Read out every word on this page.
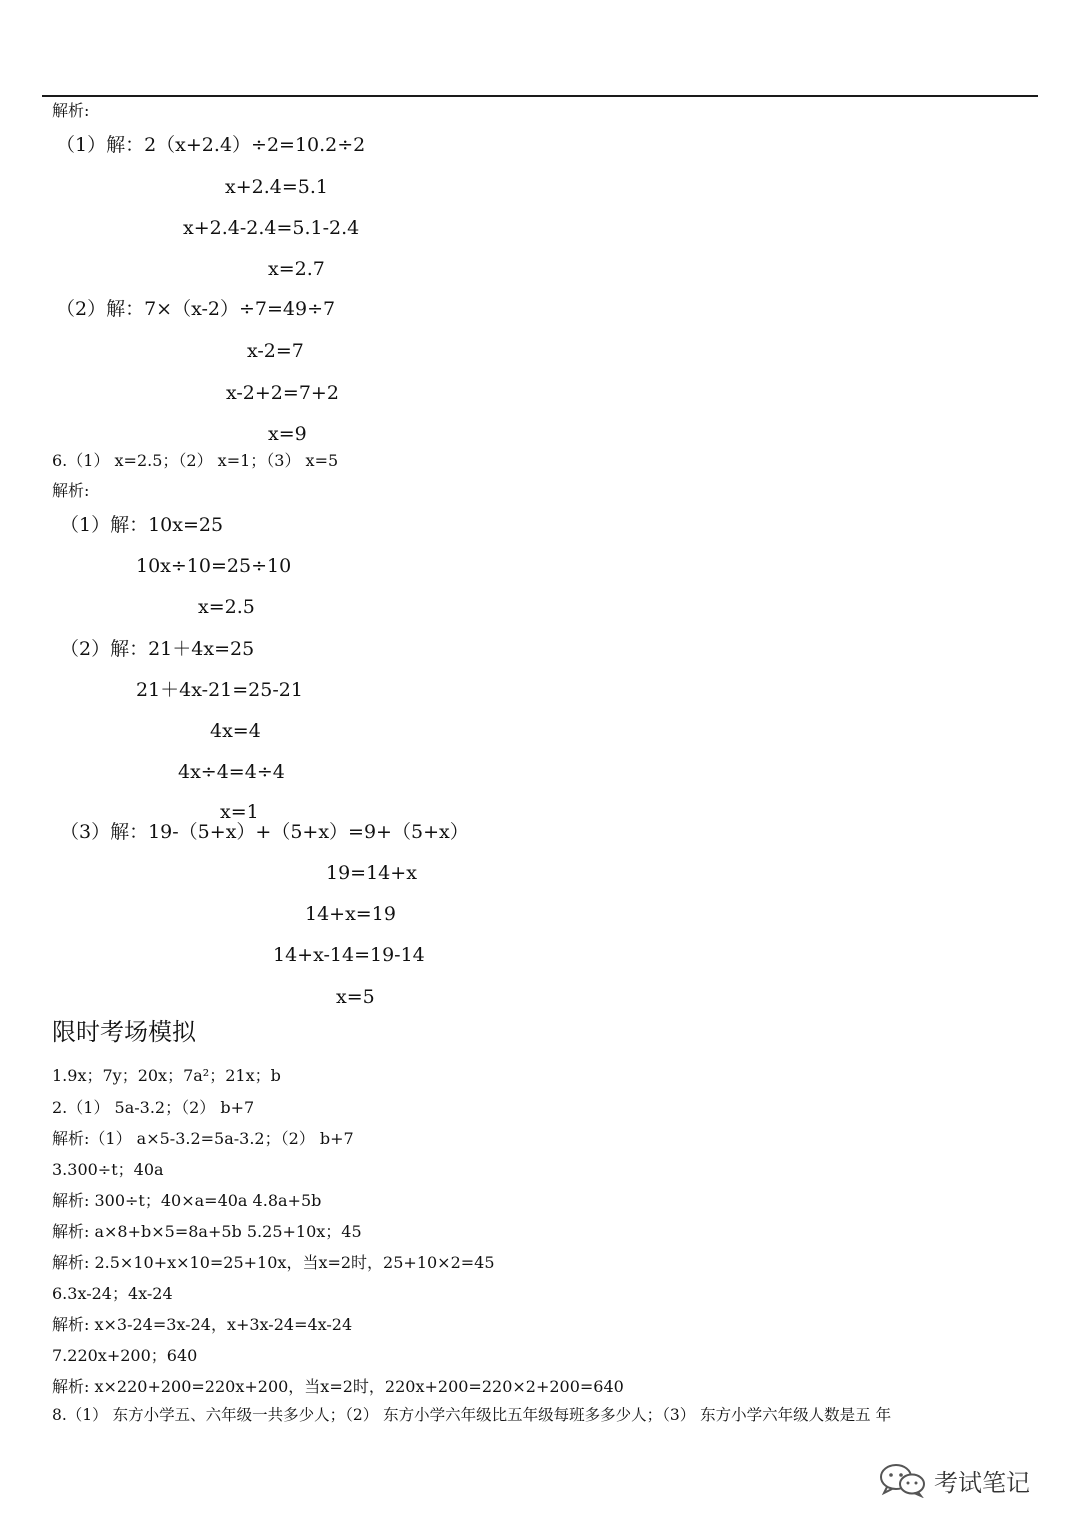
解析:
（1）解：2（x+2.4）÷2=10.2÷2
x+2.4=5.1
x+2.4-2.4=5.1-2.4
x=2.7
（2）解：7×（x-2）÷7=49÷7
x-2=7
x-2+2=7+2
x=9
6.（1） x=2.5；（2） x=1；（3） x=5
解析:
（1）解：10x=25
10x÷10=25÷10
x=2.5
（2）解：21＋4x=25
21＋4x-21=25-21
4x=4
4x÷4=4÷4
x=1
（3）解：19-（5+x）+（5+x）=9+（5+x）
19=14+x
14+x=19
14+x-14=19-14
x=5
限时考场模拟
1.9x；7y；20x；7a²；21x；b
2.（1） 5a-3.2；（2） b+7
解析:（1） a×5-3.2=5a-3.2；（2） b+7
3.300÷t；40a
解析: 300÷t；40×a=40a 4.8a+5b
解析: a×8+b×5=8a+5b 5.25+10x；45
解析: 2.5×10+x×10=25+10x，当x=2时，25+10×2=45
6.3x-24；4x-24
解析: x×3-24=3x-24，x+3x-24=4x-24
7.220x+200；640
解析: x×220+200=220x+200，当x=2时，220x+200=220×2+200=640
8.（1） 东方小学五、六年级一共多少人；（2） 东方小学六年级比五年级每班多多少人；（3） 东方小学六年级人数是五 年
考试笔记
